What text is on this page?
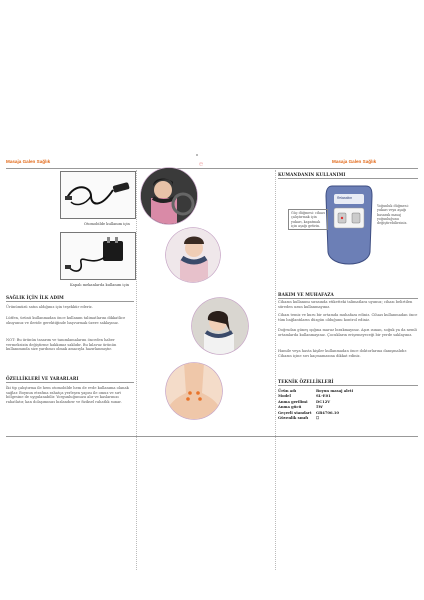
Masaja Galen Sağlık	Masaja Galen Sağlık
Otomobilde kullanım için
Kapalı mekanlarda kullanım için
SAĞLIK İÇİN İLK ADIM
Ürünümüzü satın aldığınız için teşekkür ederiz.
Lütfen, ürünü kullanmadan önce kullanım talimatlarını dikkatlice okuyunuz ve ileride gerektiğinde başvurmak üzere saklayınız.
NOT: Bu ürünün tasarım ve tanımlamalarını önceden haber vermeksizin değiştirme hakkımız saklıdır. Bu kılavuz ürünün kullanımında size yardımcı olmak amacıyla hazırlanmıştır.
ÖZELLİKLERİ VE YARARLARI
İki tip çalıştırma ile hem otomobilde hem de evde kullanıma olanak sağlar. Boynun etrafına rahatça yerleşen yapısı ile omuz ve sırt bölgesine de uygulanabilir. Yorgunluğunuzu alır ve kaslarınızı rahatlatır, kan dolaşımınızı hızlandırır ve fiziksel rahatlık sunar.
e
KUMANDANIN KULLANIMI
Relaxation
Güç düğmesi: cihazı çalıştırmak için yukarı, kapatmak için aşağı getirin.
Yoğunluk düğmesi: yukarı veya aşağı basarak masaj yoğunluğunu değiştirebilirsiniz.
BAKIM VE MUHAFAZA
Cihazın kullanımı sırasında etiketteki talimatlara uyunuz; cihazı belirtilen süreden uzun kullanmayınız.
Cihazı temiz ve kuru bir ortamda muhafaza ediniz. Cihazı kullanmadan önce tüm bağlantıların düzgün olduğunu kontrol ediniz.
Doğrudan güneş ışığına maruz bırakmayınız. Aşırı ısınan, soğuk ya da nemli ortamlarda kullanmayınız. Çocukların erişemeyeceği bir yerde saklayınız.
Hamile veya hasta kişiler kullanmadan önce doktorlarına danışmalıdır. Cihazın içine sıvı kaçmamasına dikkat ediniz.
TEKNİK ÖZELLİKLERİ
Ürün adı	Boyun masaj aleti
Model	SL-E01
Anma gerilimi	DC12V
Anma gücü	5W
Geçerli standart	GB4706.10
Güvenlik sınıfı	☐
